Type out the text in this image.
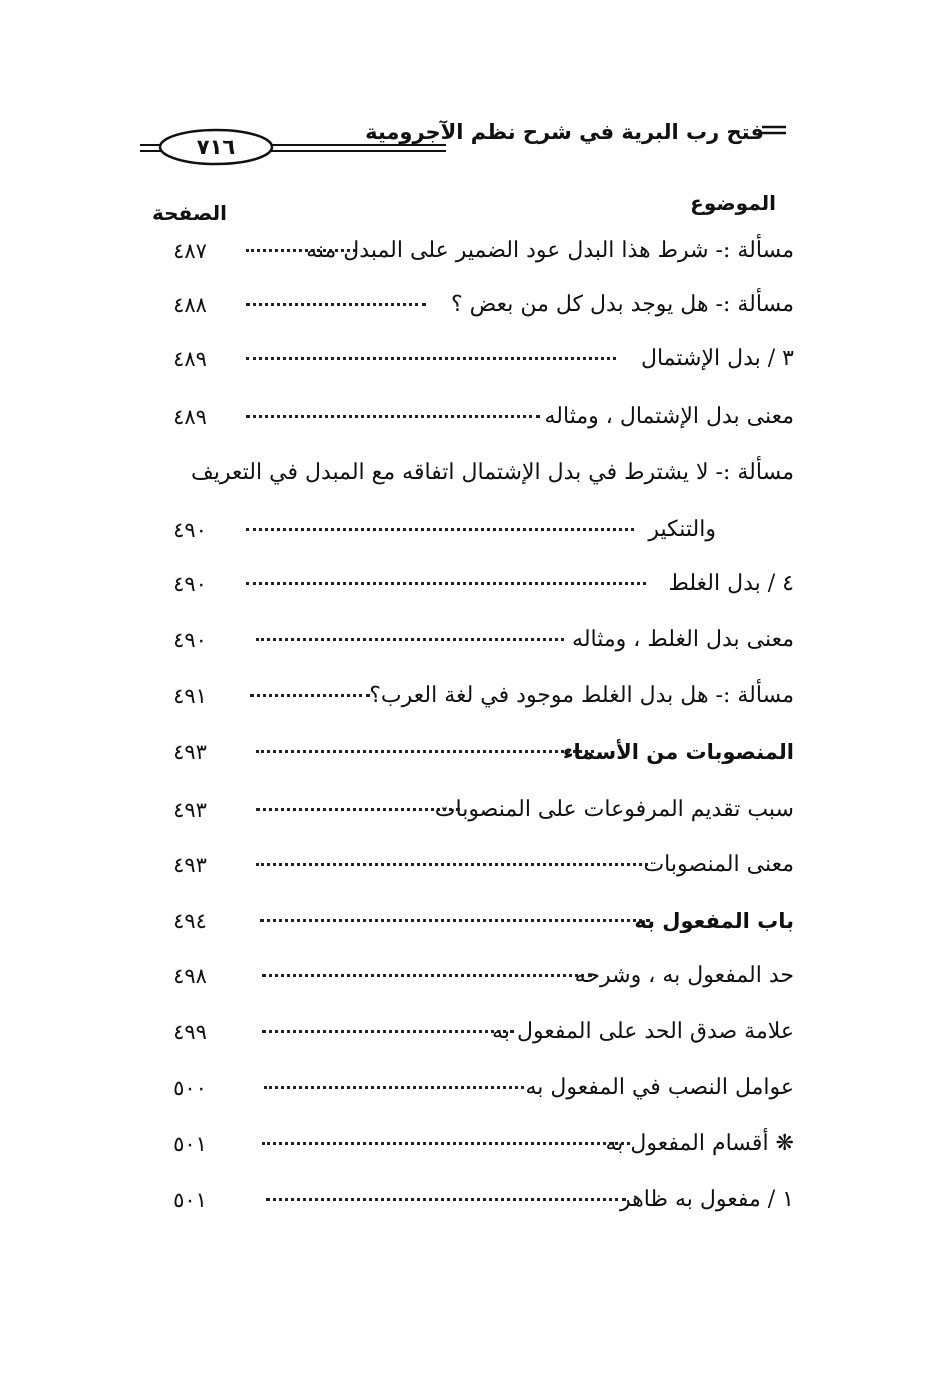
فتح رب البرية في شرح نظم الآجرومية
٧١٦
الموضوع
الصفحة
مسألة :- شرط هذا البدل عود الضمير على المبدل منه
٤٨٧
مسألة :- هل يوجد بدل كل من بعض ؟
٤٨٨
٣ / بدل الإشتمال
٤٨٩
معنى بدل الإشتمال ، ومثاله
٤٨٩
مسألة :- لا يشترط في بدل الإشتمال اتفاقه مع المبدل في التعريف
والتنكير
٤٩٠
٤ / بدل الغلط
٤٩٠
معنى بدل الغلط ، ومثاله
٤٩٠
مسألة :- هل بدل الغلط موجود في لغة العرب؟
٤٩١
المنصوبات من الأسماء
٤٩٣
سبب تقديم المرفوعات على المنصوبات
٤٩٣
معنى المنصوبات
٤٩٣
باب المفعول به
٤٩٤
حد المفعول به ، وشرحه
٤٩٨
علامة صدق الحد على المفعول به
٤٩٩
عوامل النصب في المفعول به
٥٠٠
❋ أقسام المفعول به
٥٠١
١ / مفعول به ظاهر
٥٠١
